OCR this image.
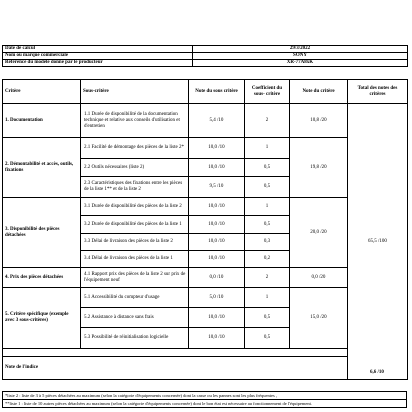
Date de calcul	29/3/2022
Nom ou marque commerciale	SONY
Référence du modèle donné par le producteur	XR-77A8xK
Critère	Sous-critère	Note du sous critère	Coefficient du sous- critère	Note du critère	Total des notes des critères
1. Documentation	1.1 Durée de disponibilité de la documentation technique et relative aux conseils d'utilisation et d'entretien	5,4 /10	2	10,8 /20	65,5 /100
2. Démontabilité et accès, outils, fixations	2.1 Facilité de démontage des pièces de la liste 2*	10,0 /10	1	19,8 /20	
	2.2 Outils nécessaires (liste 2)	10,0 /10	0,5		
	2.3 Caractéristiques des fixations entre les pièces de la liste 1** et de la liste 2	9,5 /10	0,5		
3. Disponibilité des pièces détachées	3.1 Durée de disponibilité des pièces de la liste 2	10,0 /10	1	20,0 /20	
	3.2 Durée de disponibilité des pièces de la liste 1	10,0 /10	0,5		
	3.3 Délai de livraison des pièces de la liste 2	10,0 /10	0,3		
	3.4 Délai de livraison des pièces de la liste 1	10,0 /10	0,2		
4. Prix des pièces détachées	4.1 Rapport prix des pièces de la liste 2 sur prix de l'équipement neuf	0,0 /10	2	0,0 /20	
5. Critère spécifique (exemple avec 3 sous-critères)	5.1 Accessibilité du compteur d'usage	5,0 /10	1	15,0 /20	
	5.2 Assistance à distance sans frais	10,0 /10	0,5		
	5.3 Possibilité de réinitialisation logicielle	10,0 /10	0,5		

Note de l'indice					

6,6 /10
*liste 2 : liste de 3 à 5 pièces détachées au maximum (selon la catégorie d'équipements concernée) dont la casse ou les pannes sont les plus fréquentes ,
**liste 1 : liste de 10 autres pièces détachées au maximum (selon la catégorie d'équipements concernée) dont le bon état est nécessaire au fonctionnement de l'équipement.
